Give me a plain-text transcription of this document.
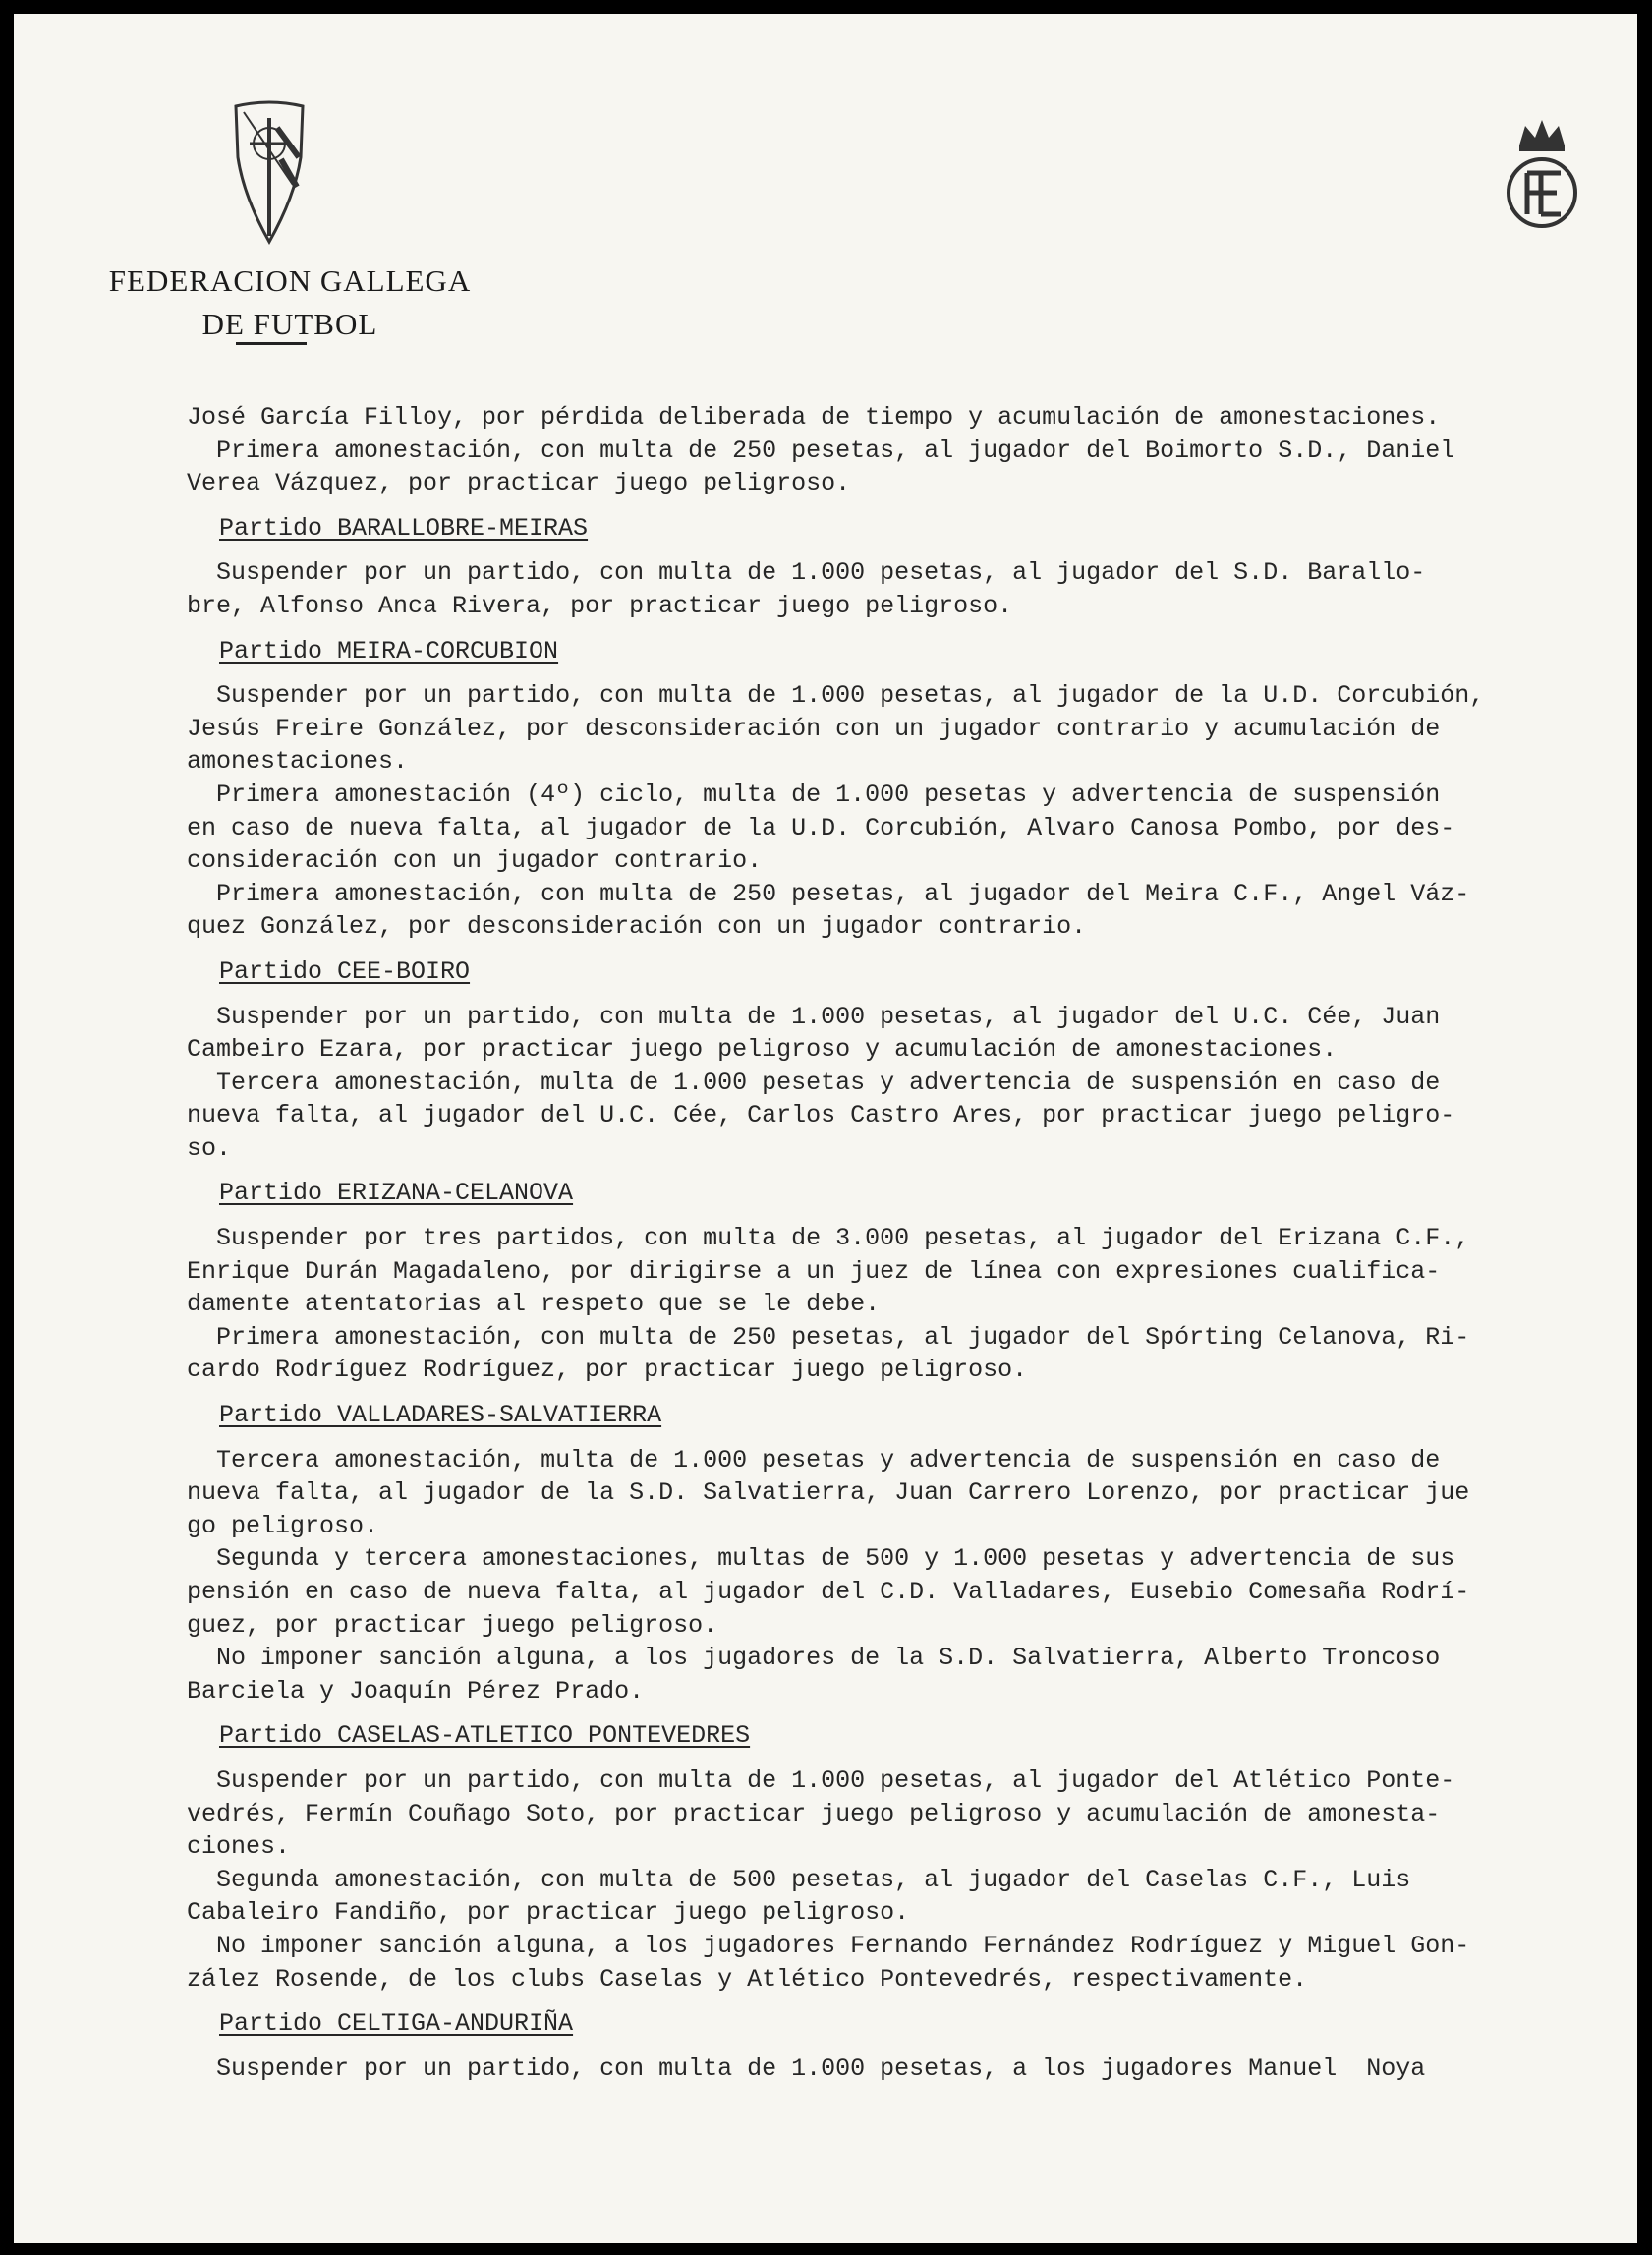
FEDERACION GALLEGA
DE FUTBOL

José García Filloy, por pérdida deliberada de tiempo y acumulación de amonestaciones.

Primera amonestación, con multa de 250 pesetas, al jugador del Boimorto S.D., Daniel

Verea Vázquez, por practicar juego peligroso.

Partido BARALLOBRE-MEIRAS

Suspender por un partido, con multa de 1.000 pesetas, al jugador del S.D. Barallo-

bre, Alfonso Anca Rivera, por practicar juego peligroso.

Partido MEIRA-CORCUBION

Suspender por un partido, con multa de 1.000 pesetas, al jugador de la U.D. Corcubión,

Jesús Freire González, por desconsideración con un jugador contrario y acumulación de

amonestaciones.

Primera amonestación (4º) ciclo, multa de 1.000 pesetas y advertencia de suspensión

en caso de nueva falta, al jugador de la U.D. Corcubión, Alvaro Canosa Pombo, por des-

consideración con un jugador contrario.

Primera amonestación, con multa de 250 pesetas, al jugador del Meira C.F., Angel Váz-

quez González, por desconsideración con un jugador contrario.

Partido CEE-BOIRO

Suspender por un partido, con multa de 1.000 pesetas, al jugador del U.C. Cée, Juan

Cambeiro Ezara, por practicar juego peligroso y acumulación de amonestaciones.

Tercera amonestación, multa de 1.000 pesetas y advertencia de suspensión en caso de

nueva falta, al jugador del U.C. Cée, Carlos Castro Ares, por practicar juego peligro-

so.

Partido ERIZANA-CELANOVA

Suspender por tres partidos, con multa de 3.000 pesetas, al jugador del Erizana C.F.,

Enrique Durán Magadaleno, por dirigirse a un juez de línea con expresiones cualifica-

damente atentatorias al respeto que se le debe.

Primera amonestación, con multa de 250 pesetas, al jugador del Spórting Celanova, Ri-

cardo Rodríguez Rodríguez, por practicar juego peligroso.

Partido VALLADARES-SALVATIERRA

Tercera amonestación, multa de 1.000 pesetas y advertencia de suspensión en caso de

nueva falta, al jugador de la S.D. Salvatierra, Juan Carrero Lorenzo, por practicar jue

go peligroso.

Segunda y tercera amonestaciones, multas de 500 y 1.000 pesetas y advertencia de sus

pensión en caso de nueva falta, al jugador del C.D. Valladares, Eusebio Comesaña Rodrí-

guez, por practicar juego peligroso.

No imponer sanción alguna, a los jugadores de la S.D. Salvatierra, Alberto Troncoso

Barciela y Joaquín Pérez Prado.

Partido CASELAS-ATLETICO PONTEVEDRES

Suspender por un partido, con multa de 1.000 pesetas, al jugador del Atlético Ponte-

vedrés, Fermín Couñago Soto, por practicar juego peligroso y acumulación de amonesta-

ciones.

Segunda amonestación, con multa de 500 pesetas, al jugador del Caselas C.F., Luis

Cabaleiro Fandiño, por practicar juego peligroso.

No imponer sanción alguna, a los jugadores Fernando Fernández Rodríguez y Miguel Gon-

zález Rosende, de los clubs Caselas y Atlético Pontevedrés, respectivamente.

Partido CELTIGA-ANDURIÑA

Suspender por un partido, con multa de 1.000 pesetas, a los jugadores Manuel  Noya
